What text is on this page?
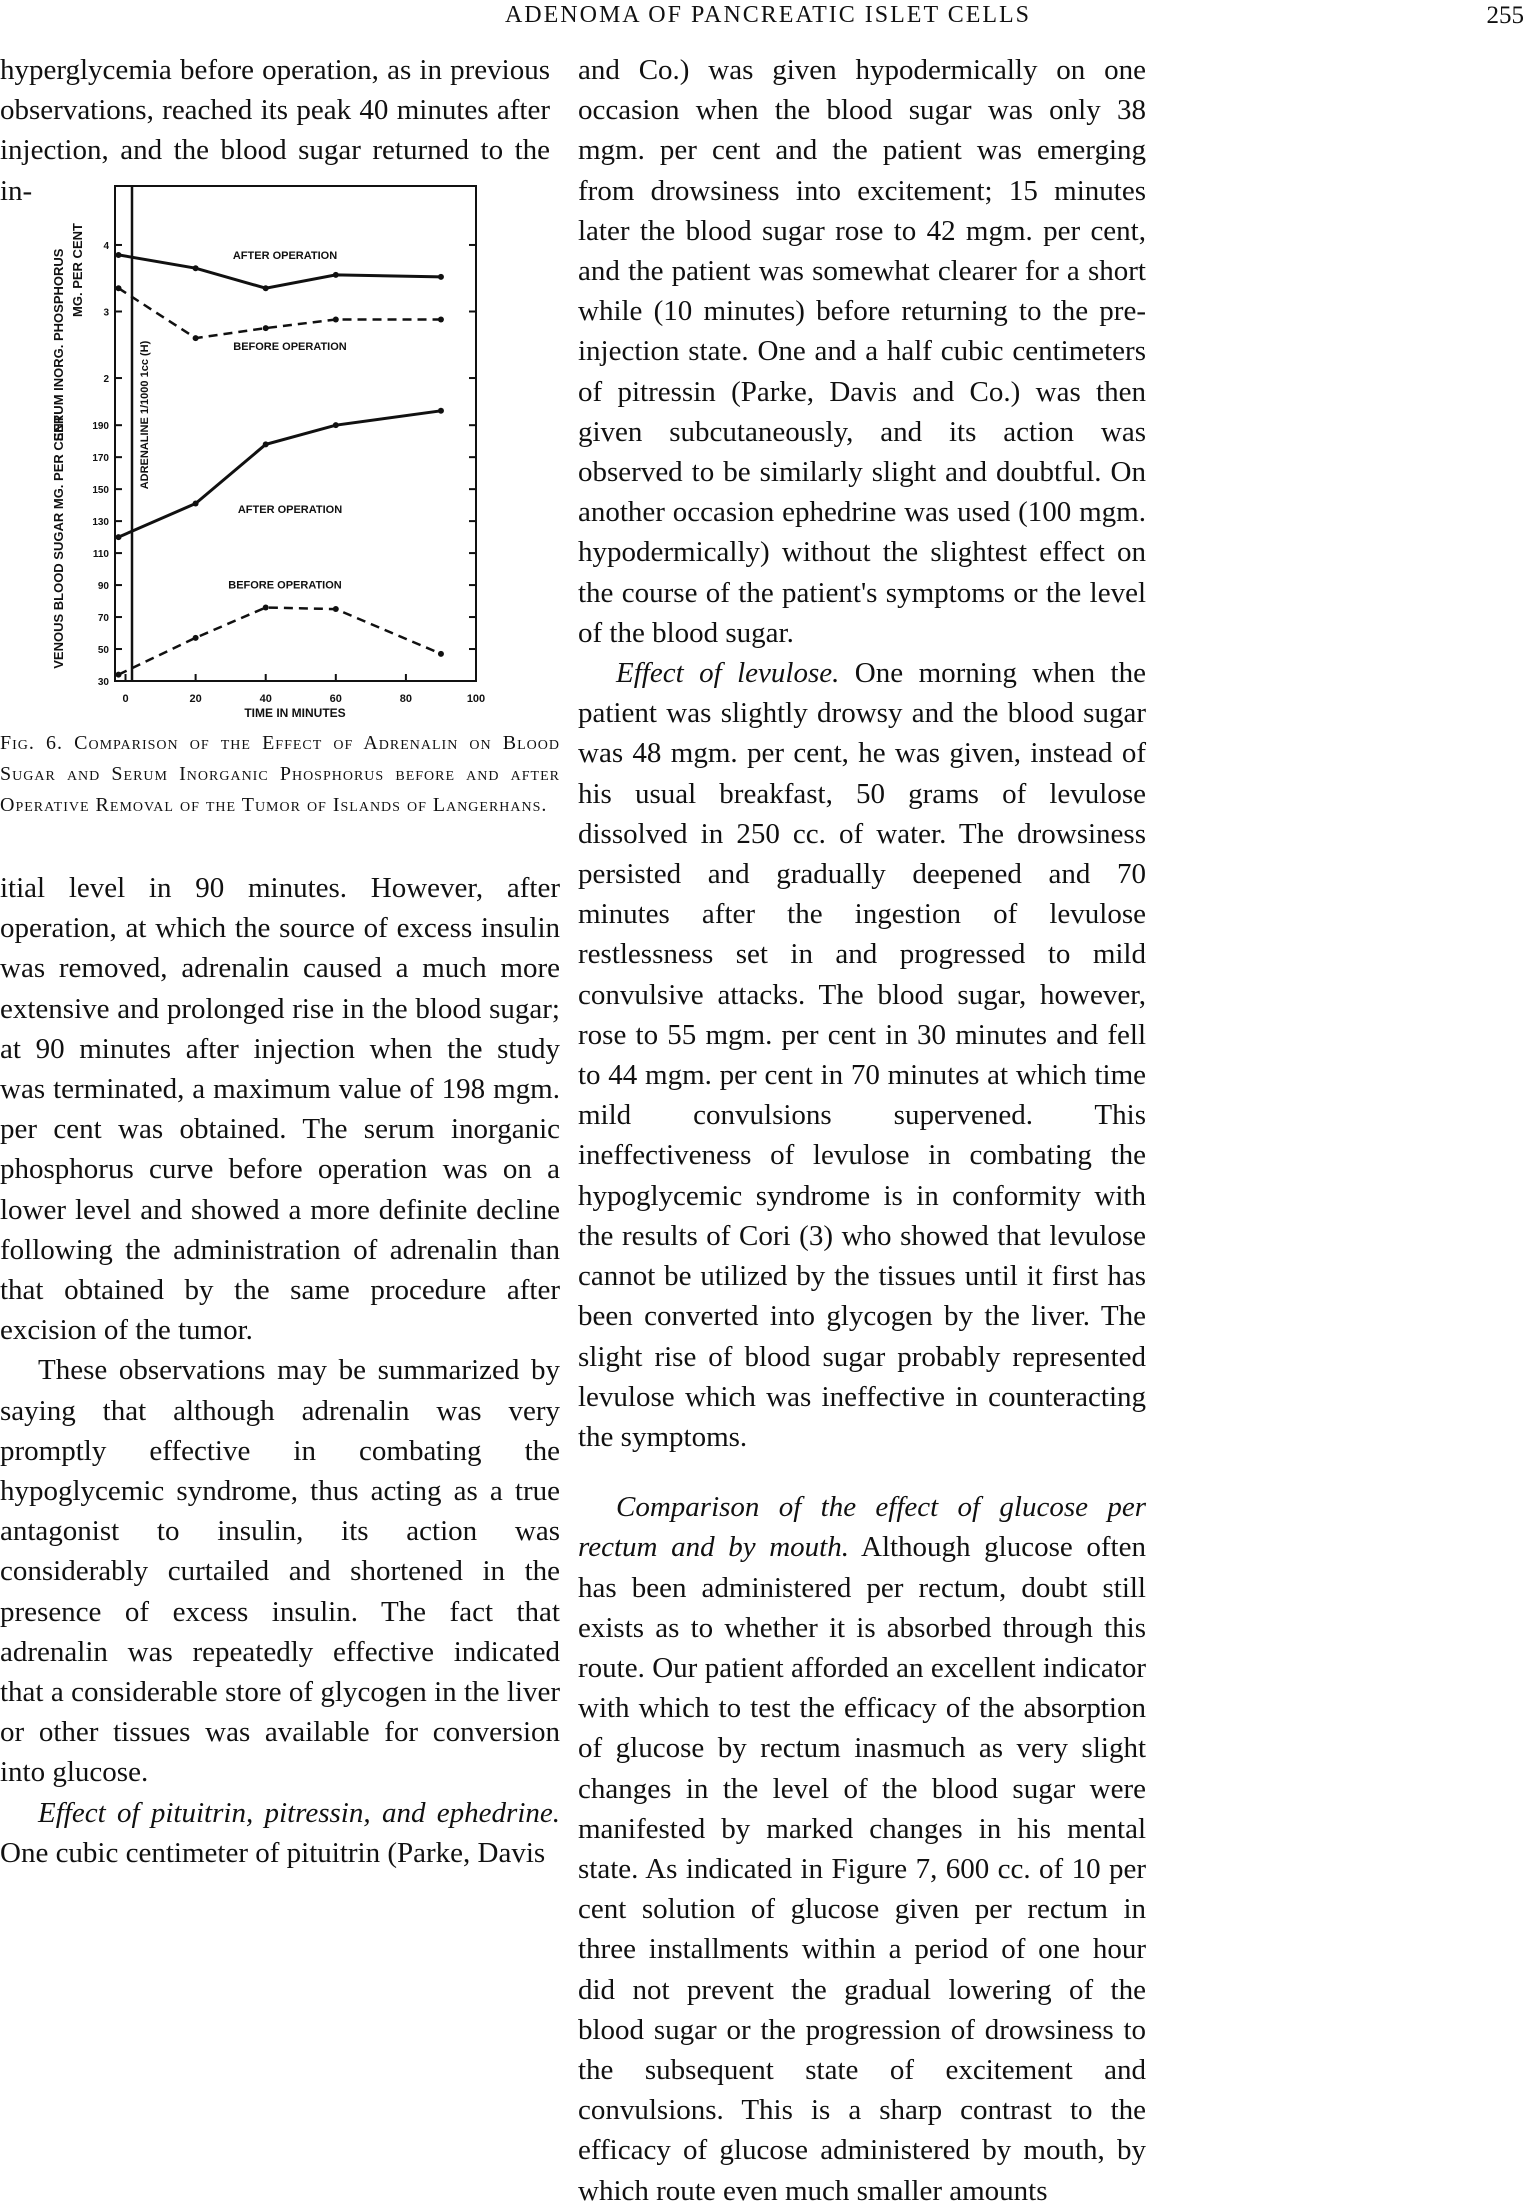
ADENOMA OF PANCREATIC ISLET CELLS	255

hyperglycemia before operation, as in previous observations, reached its peak 40 minutes after injection, and the blood sugar returned to the in-

SERUM INORG. PHOSPHORUS MG. PER CENT
VENOUS BLOOD SUGAR MG. PER CENT
ADRENALINE 1/1000 1cc (H)
TIME IN MINUTES
0	20	40	60	80	100
2
3
4
30
50
70
90
110
130
150
170
190
AFTER OPERATION
BEFORE OPERATION
AFTER OPERATION
BEFORE OPERATION
Fig. 6. Comparison of the Effect of Adrenalin on Blood Sugar and Serum Inorganic Phosphorus before and after Operative Removal of the Tumor of Islands of Langerhans.

itial level in 90 minutes. However, after operation, at which the source of excess insulin was removed, adrenalin caused a much more extensive and prolonged rise in the blood sugar; at 90 minutes after injection when the study was terminated, a maximum value of 198 mgm. per cent was obtained. The serum inorganic phosphorus curve before operation was on a lower level and showed a more definite decline following the administration of adrenalin than that obtained by the same procedure after excision of the tumor.

These observations may be summarized by saying that although adrenalin was very promptly effective in combating the hypoglycemic syndrome, thus acting as a true antagonist to insulin, its action was considerably curtailed and shortened in the presence of excess insulin. The fact that adrenalin was repeatedly effective indicated that a considerable store of glycogen in the liver or other tissues was available for conversion into glucose.

Effect of pituitrin, pitressin, and ephedrine. One cubic centimeter of pituitrin (Parke, Davis

and Co.) was given hypodermically on one occasion when the blood sugar was only 38 mgm. per cent and the patient was emerging from drowsiness into excitement; 15 minutes later the blood sugar rose to 42 mgm. per cent, and the patient was somewhat clearer for a short while (10 minutes) before returning to the pre-injection state. One and a half cubic centimeters of pitressin (Parke, Davis and Co.) was then given subcutaneously, and its action was observed to be similarly slight and doubtful. On another occasion ephedrine was used (100 mgm. hypodermically) without the slightest effect on the course of the patient's symptoms or the level of the blood sugar.

Effect of levulose. One morning when the patient was slightly drowsy and the blood sugar was 48 mgm. per cent, he was given, instead of his usual breakfast, 50 grams of levulose dissolved in 250 cc. of water. The drowsiness persisted and gradually deepened and 70 minutes after the ingestion of levulose restlessness set in and progressed to mild convulsive attacks. The blood sugar, however, rose to 55 mgm. per cent in 30 minutes and fell to 44 mgm. per cent in 70 minutes at which time mild convulsions supervened. This ineffectiveness of levulose in combating the hypoglycemic syndrome is in conformity with the results of Cori (3) who showed that levulose cannot be utilized by the tissues until it first has been converted into glycogen by the liver. The slight rise of blood sugar probably represented levulose which was ineffective in counteracting the symptoms.

Comparison of the effect of glucose per rectum and by mouth. Although glucose often has been administered per rectum, doubt still exists as to whether it is absorbed through this route. Our patient afforded an excellent indicator with which to test the efficacy of the absorption of glucose by rectum inasmuch as very slight changes in the level of the blood sugar were manifested by marked changes in his mental state. As indicated in Figure 7, 600 cc. of 10 per cent solution of glucose given per rectum in three installments within a period of one hour did not prevent the gradual lowering of the blood sugar or the progression of drowsiness to the subsequent state of excitement and convulsions. This is a sharp contrast to the efficacy of glucose administered by mouth, by which route even much smaller amounts
